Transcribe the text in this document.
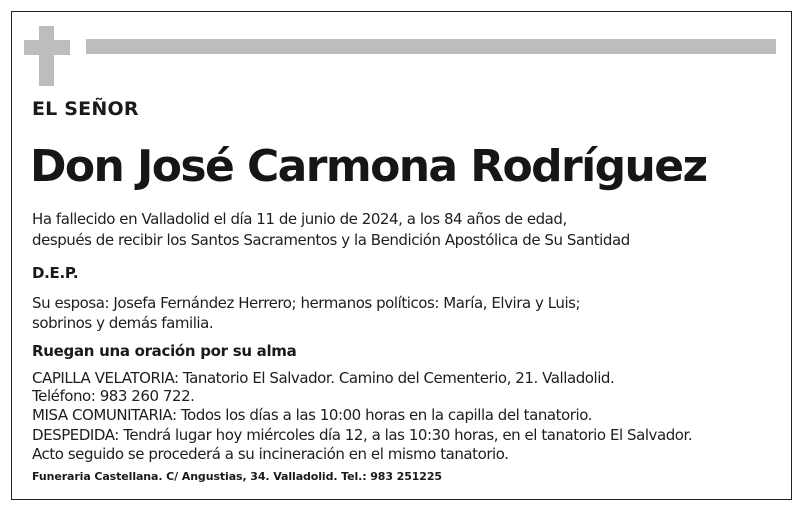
EL SEÑOR
Don José Carmona Rodríguez
Ha fallecido en Valladolid el día 11 de junio de 2024, a los 84 años de edad,
después de recibir los Santos Sacramentos y la Bendición Apostólica de Su Santidad
D.E.P.
Su esposa: Josefa Fernández Herrero; hermanos políticos: María, Elvira y Luis;
sobrinos y demás familia.
Ruegan una oración por su alma
CAPILLA VELATORIA: Tanatorio El Salvador. Camino del Cementerio, 21. Valladolid.
Teléfono: 983 260 722.
MISA COMUNITARIA: Todos los días a las 10:00 horas en la capilla del tanatorio.
DESPEDIDA: Tendrá lugar hoy miércoles día 12, a las 10:30 horas, en el tanatorio El Salvador.
Acto seguido se procederá a su incineración en el mismo tanatorio.
Funeraria Castellana. C/ Angustias, 34. Valladolid. Tel.: 983 251225
